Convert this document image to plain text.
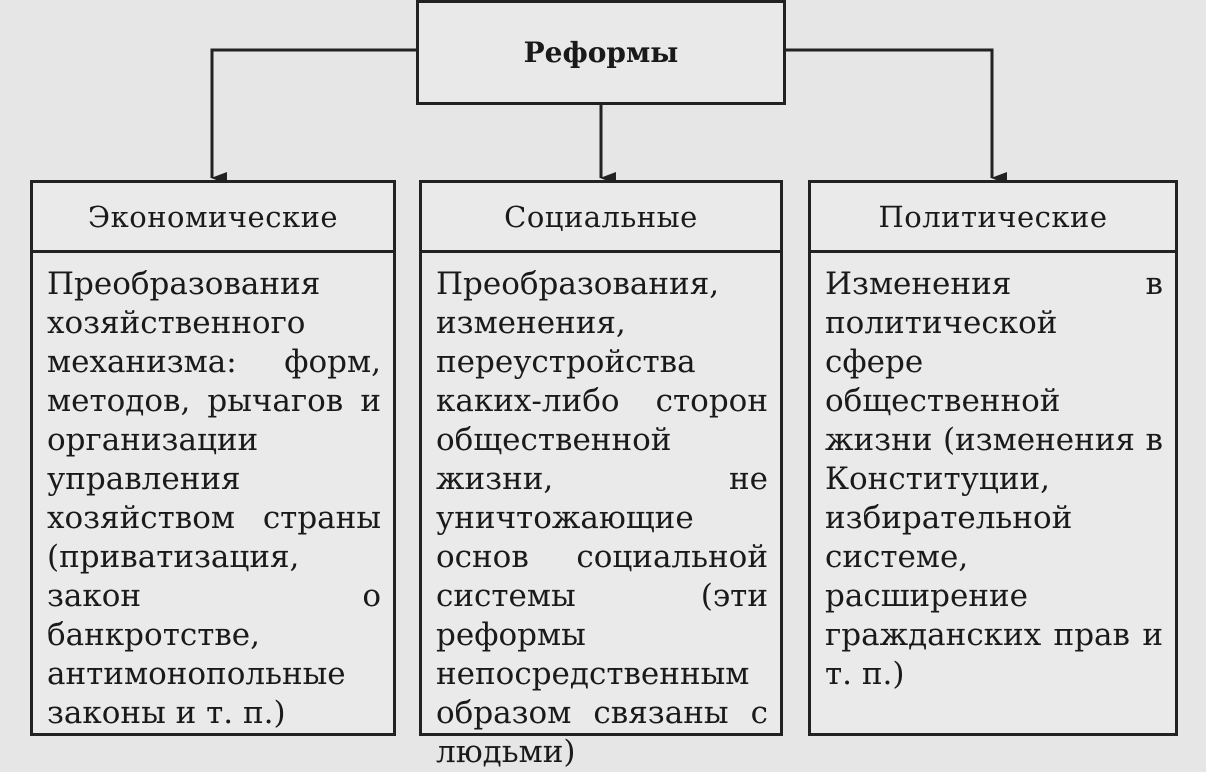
Реформы
Экономические
Преобразования хозяйственного механизма: форм, методов, рычагов и организации управления хозяйством страны (приватизация, закон о банкротстве, антимонопольные законы и т. п.)
Социальные
Преобразования, изменения, переустройства каких-либо сторон общественной жизни, не уничтожающие основ социальной системы (эти реформы непосредственным образом связаны с людьми)
Политические
Изменения в политической сфере общественной жизни (изменения в Конституции, избирательной системе, расширение гражданских прав и т. п.)
